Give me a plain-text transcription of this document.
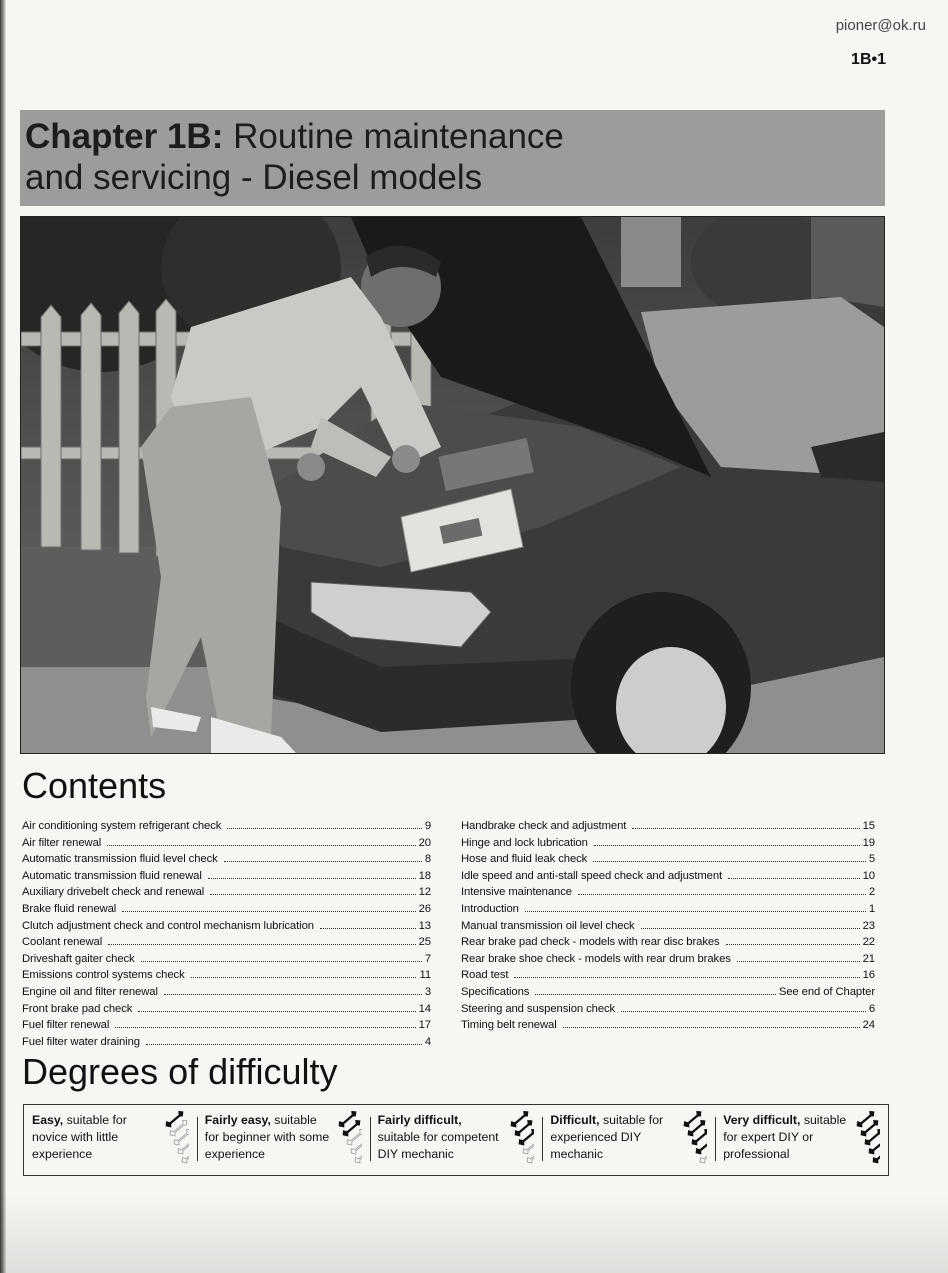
pioner@ok.ru
1B•1
Chapter 1B: Routine maintenance
and servicing - Diesel models
Contents
Air conditioning system refrigerant check	9
Air filter renewal	20
Automatic transmission fluid level check	8
Automatic transmission fluid renewal	18
Auxiliary drivebelt check and renewal	12
Brake fluid renewal	26
Clutch adjustment check and control mechanism lubrication	13
Coolant renewal	25
Driveshaft gaiter check	7
Emissions control systems check	11
Engine oil and filter renewal	3
Front brake pad check	14
Fuel filter renewal	17
Fuel filter water draining	4
Handbrake check and adjustment	15
Hinge and lock lubrication	19
Hose and fluid leak check	5
Idle speed and anti-stall speed check and adjustment	10
Intensive maintenance	2
Introduction	1
Manual transmission oil level check	23
Rear brake pad check - models with rear disc brakes	22
Rear brake shoe check - models with rear drum brakes	21
Road test	16
Specifications	See end of Chapter
Steering and suspension check	6
Timing belt renewal	24
Degrees of difficulty
Easy, suitable for novice with little experience
Fairly easy, suitable for beginner with some experience
Fairly difficult, suitable for competent DIY mechanic
Difficult, suitable for experienced DIY mechanic
Very difficult, suitable for expert DIY or professional
